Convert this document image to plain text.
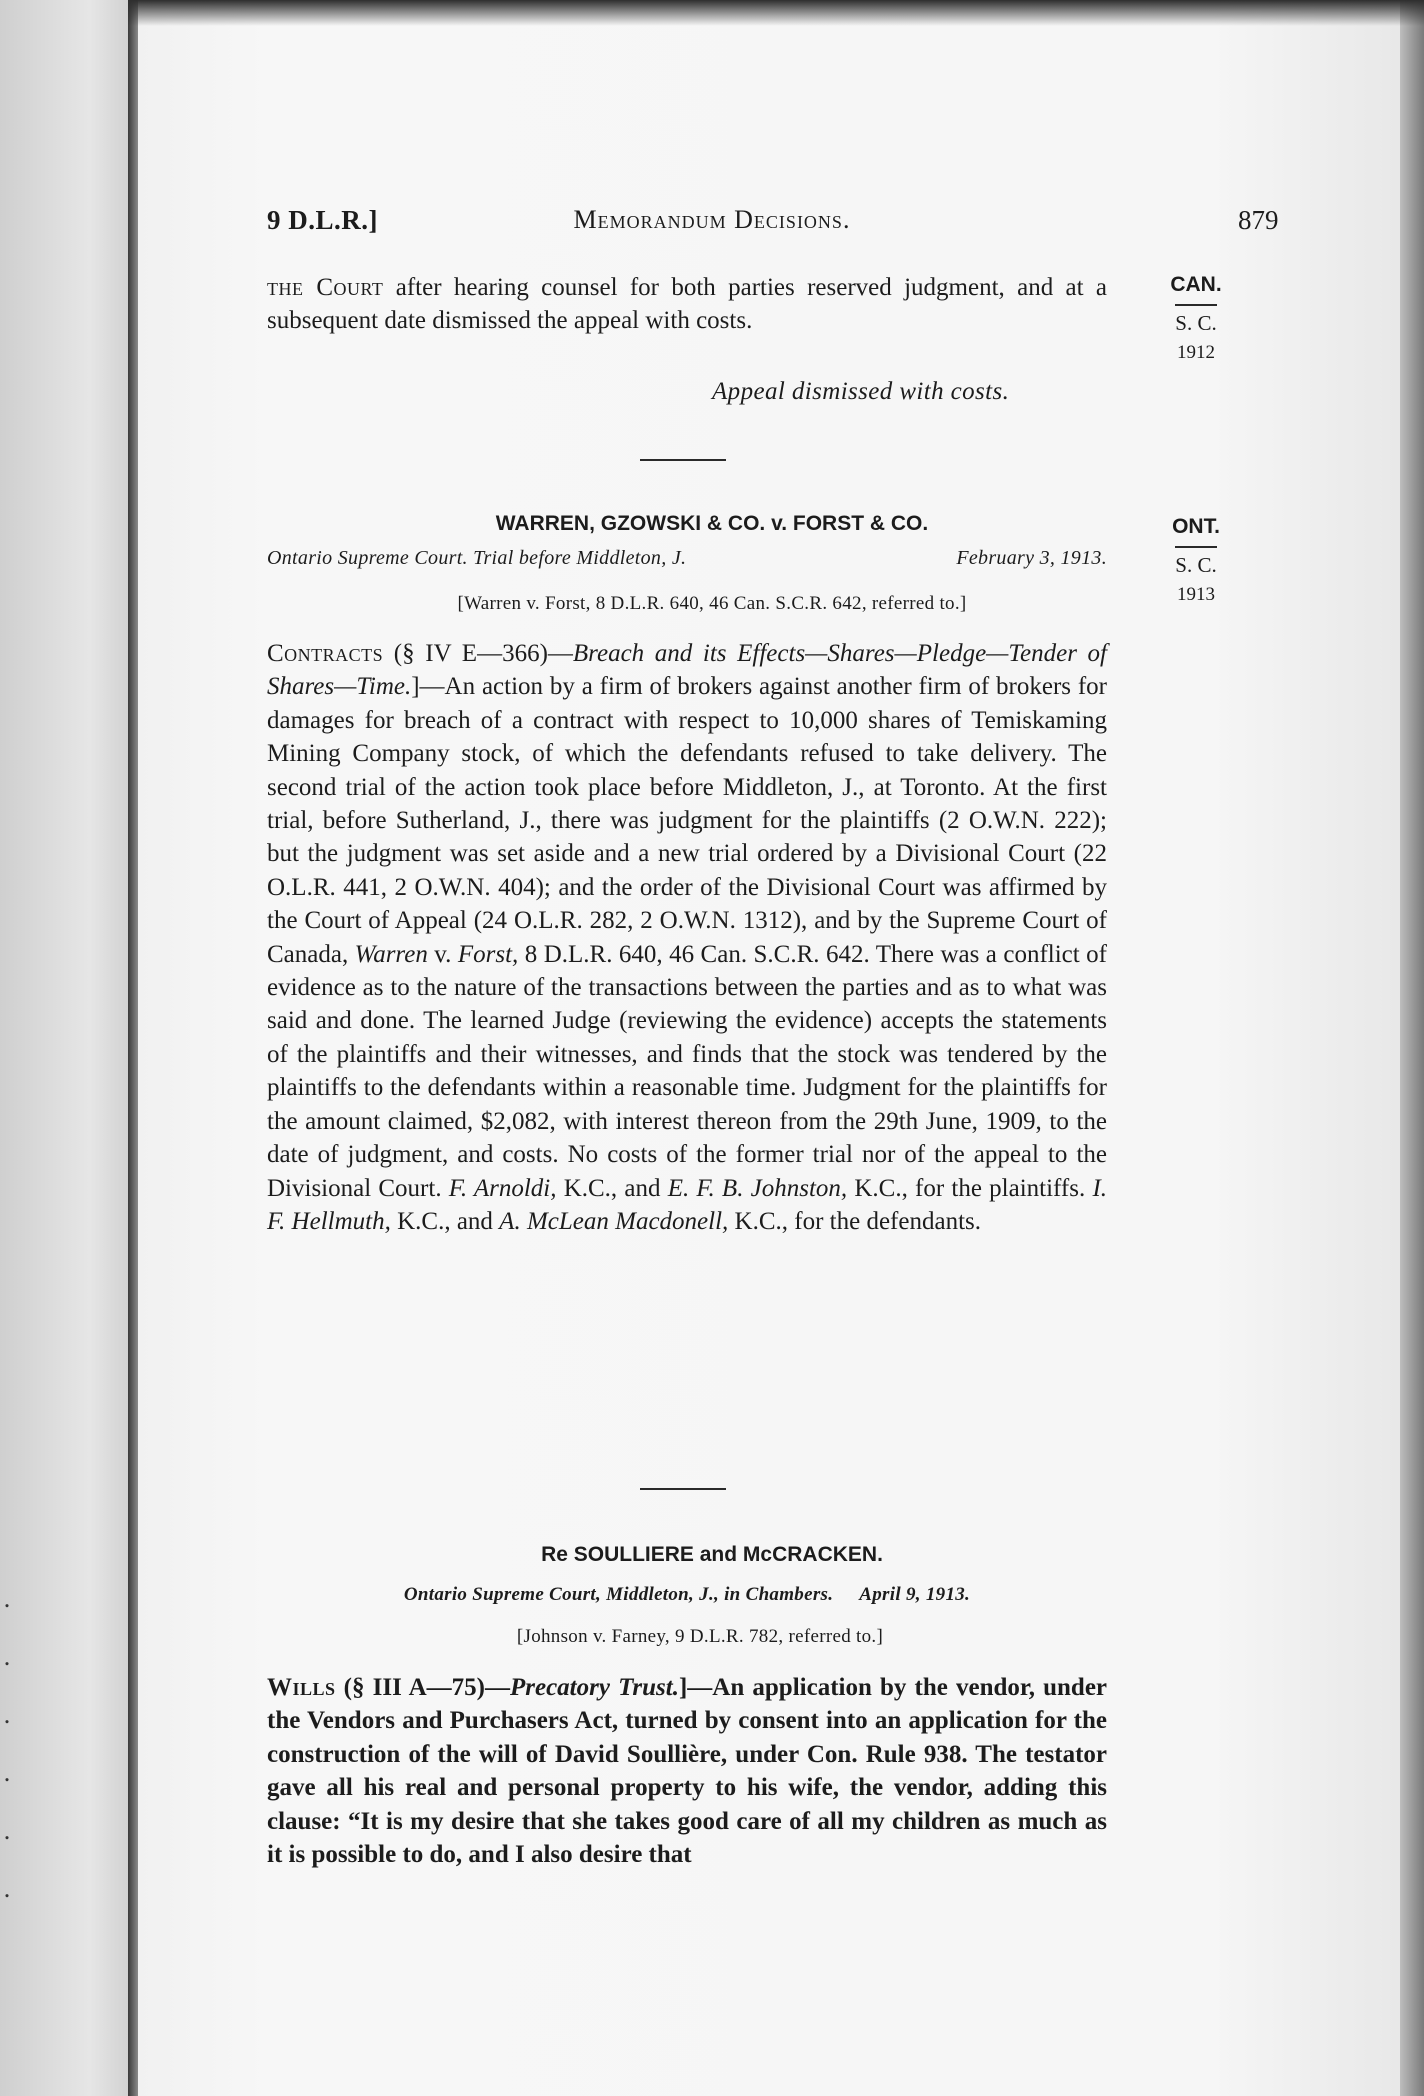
.
.
.
.
.
.
9 D.L.R.]	Memorandum Decisions.	879

the Court after hearing counsel for both parties reserved judgment, and at a subsequent date dismissed the appeal with costs.

Appeal dismissed with costs.
CAN.
S. C.
1912
WARREN, GZOWSKI & CO. v. FORST & CO.
Ontario Supreme Court. Trial before Middleton, J.	February 3, 1913.
[Warren v. Forst, 8 D.L.R. 640, 46 Can. S.C.R. 642, referred to.]
ONT.
S. C.
1913

Contracts (§ IV E—366)—Breach and its Effects—Shares—Pledge—Tender of Shares—Time.]—An action by a firm of brokers against another firm of brokers for damages for breach of a contract with respect to 10,000 shares of Temiskaming Mining Company stock, of which the defendants refused to take delivery. The second trial of the action took place before Middleton, J., at Toronto. At the first trial, before Sutherland, J., there was judgment for the plaintiffs (2 O.W.N. 222); but the judgment was set aside and a new trial ordered by a Divisional Court (22 O.L.R. 441, 2 O.W.N. 404); and the order of the Divisional Court was affirmed by the Court of Appeal (24 O.L.R. 282, 2 O.W.N. 1312), and by the Supreme Court of Canada, Warren v. Forst, 8 D.L.R. 640, 46 Can. S.C.R. 642. There was a conflict of evidence as to the nature of the transactions between the parties and as to what was said and done. The learned Judge (reviewing the evidence) accepts the statements of the plaintiffs and their witnesses, and finds that the stock was tendered by the plaintiffs to the defendants within a reasonable time. Judgment for the plaintiffs for the amount claimed, $2,082, with interest thereon from the 29th June, 1909, to the date of judgment, and costs. No costs of the former trial nor of the appeal to the Divisional Court. F. Arnoldi, K.C., and E. F. B. Johnston, K.C., for the plaintiffs. I. F. Hellmuth, K.C., and A. McLean Macdonell, K.C., for the defendants.

Re SOULLIERE and McCRACKEN.
Ontario Supreme Court, Middleton, J., in Chambers. April 9, 1913.
[Johnson v. Farney, 9 D.L.R. 782, referred to.]

Wills (§ III A—75)—Precatory Trust.]—An application by the vendor, under the Vendors and Purchasers Act, turned by consent into an application for the construction of the will of David Soullière, under Con. Rule 938. The testator gave all his real and personal property to his wife, the vendor, adding this clause: “It is my desire that she takes good care of all my children as much as it is possible to do, and I also desire that
